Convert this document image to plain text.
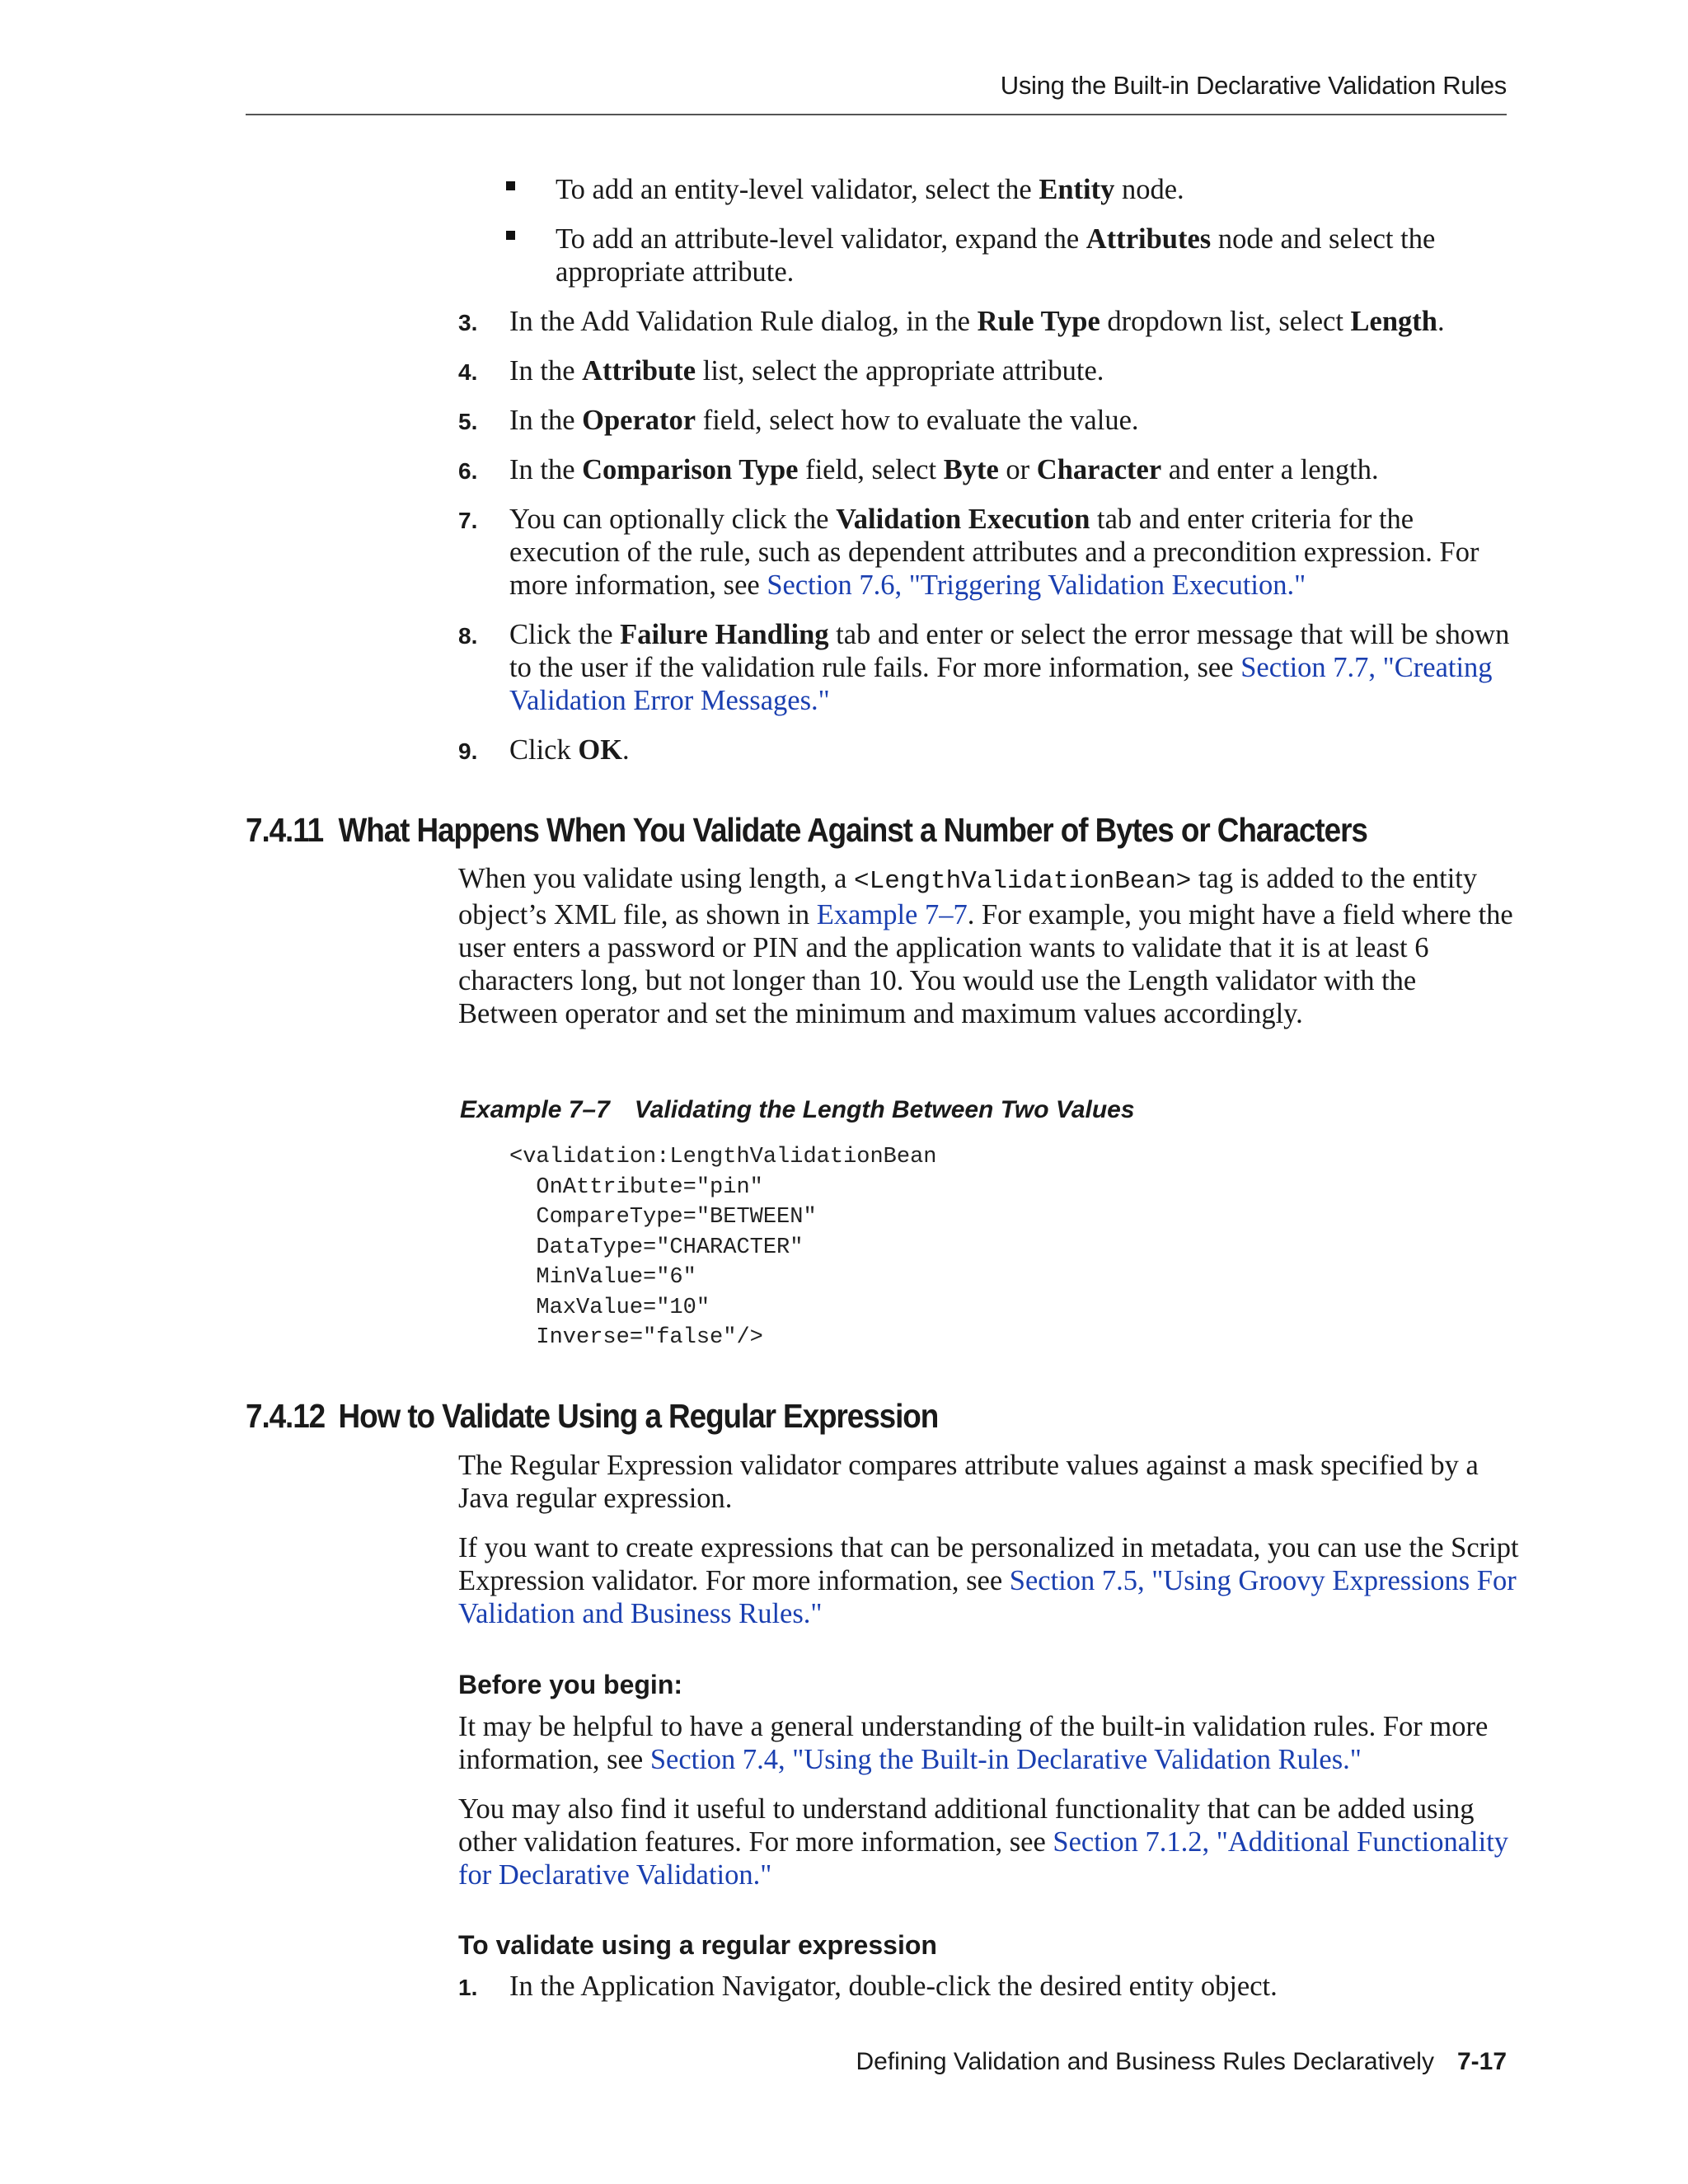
Using the Built-in Declarative Validation Rules
To add an entity-level validator, select the Entity node.
To add an attribute-level validator, expand the Attributes node and select the appropriate attribute.
3. In the Add Validation Rule dialog, in the Rule Type dropdown list, select Length.
4. In the Attribute list, select the appropriate attribute.
5. In the Operator field, select how to evaluate the value.
6. In the Comparison Type field, select Byte or Character and enter a length.
7. You can optionally click the Validation Execution tab and enter criteria for the execution of the rule, such as dependent attributes and a precondition expression. For more information, see Section 7.6, "Triggering Validation Execution."
8. Click the Failure Handling tab and enter or select the error message that will be shown to the user if the validation rule fails. For more information, see Section 7.7, "Creating Validation Error Messages."
9. Click OK.
7.4.11 What Happens When You Validate Against a Number of Bytes or Characters
When you validate using length, a <LengthValidationBean> tag is added to the entity object’s XML file, as shown in Example 7–7. For example, you might have a field where the user enters a password or PIN and the application wants to validate that it is at least 6 characters long, but not longer than 10. You would use the Length validator with the Between operator and set the minimum and maximum values accordingly.
Example 7–7 Validating the Length Between Two Values
<validation:LengthValidationBean
OnAttribute="pin"
CompareType="BETWEEN"
DataType="CHARACTER"
MinValue="6"
MaxValue="10"
Inverse="false"/>
7.4.12 How to Validate Using a Regular Expression
The Regular Expression validator compares attribute values against a mask specified by a Java regular expression.
If you want to create expressions that can be personalized in metadata, you can use the Script Expression validator. For more information, see Section 7.5, "Using Groovy Expressions For Validation and Business Rules."
Before you begin:
It may be helpful to have a general understanding of the built-in validation rules. For more information, see Section 7.4, "Using the Built-in Declarative Validation Rules."
You may also find it useful to understand additional functionality that can be added using other validation features. For more information, see Section 7.1.2, "Additional Functionality for Declarative Validation."
To validate using a regular expression
1. In the Application Navigator, double-click the desired entity object.
Defining Validation and Business Rules Declaratively 7-17
